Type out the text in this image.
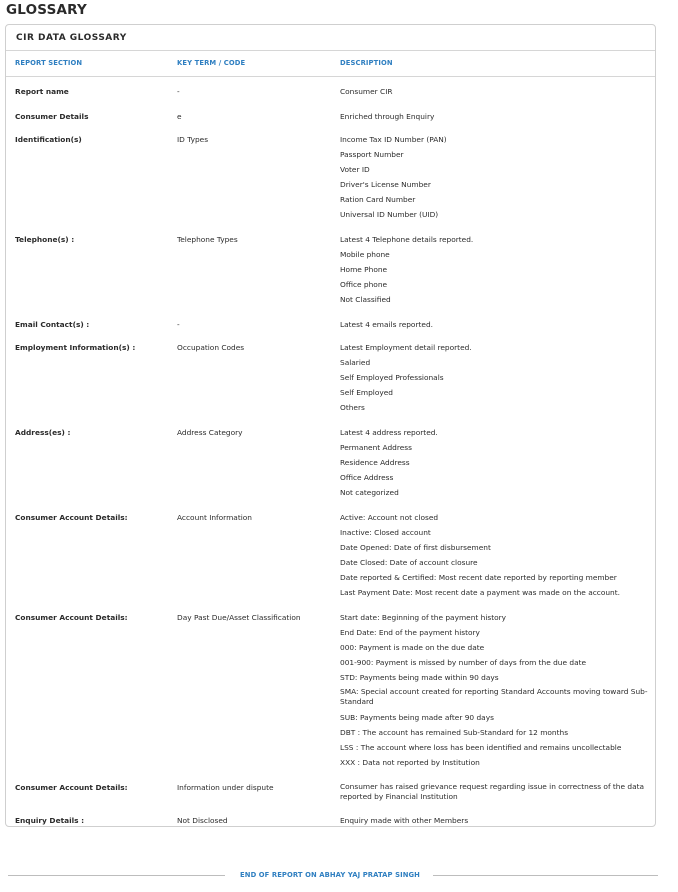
GLOSSARY
CIR DATA GLOSSARY
REPORT SECTION	KEY TERM / CODE	DESCRIPTION
Report name	-	Consumer CIR
Consumer Details	e	Enriched through Enquiry
Identification(s)	ID Types	Income Tax ID Number (PAN)
Passport Number
Voter ID
Driver's License Number
Ration Card Number
Universal ID Number (UID)
Telephone(s) :	Telephone Types	Latest 4 Telephone details reported.
Mobile phone
Home Phone
Office phone
Not Classified
Email Contact(s) :	-	Latest 4 emails reported.
Employment Information(s) :	Occupation Codes	Latest Employment detail reported.
Salaried
Self Employed Professionals
Self Employed
Others
Address(es) :	Address Category	Latest 4 address reported.
Permanent Address
Residence Address
Office Address
Not categorized
Consumer Account Details:	Account Information	Active: Account not closed
Inactive: Closed account
Date Opened: Date of first disbursement
Date Closed: Date of account closure
Date reported & Certified: Most recent date reported by reporting member
Last Payment Date: Most recent date a payment was made on the account.
Consumer Account Details:	Day Past Due/Asset Classification	Start date: Beginning of the payment history
End Date: End of the payment history
000: Payment is made on the due date
001-900: Payment is missed by number of days from the due date
STD: Payments being made within 90 days
SMA: Special account created for reporting Standard Accounts moving toward Sub-Standard
SUB: Payments being made after 90 days
DBT : The account has remained Sub-Standard for 12 months
LSS : The account where loss has been identified and remains uncollectable
XXX : Data not reported by Institution
Consumer Account Details:	Information under dispute	Consumer has raised grievance request regarding issue in correctness of the data reported by Financial Institution
Enquiry Details :	Not Disclosed	Enquiry made with other Members
END OF REPORT ON ABHAY YAJ PRATAP SINGH
